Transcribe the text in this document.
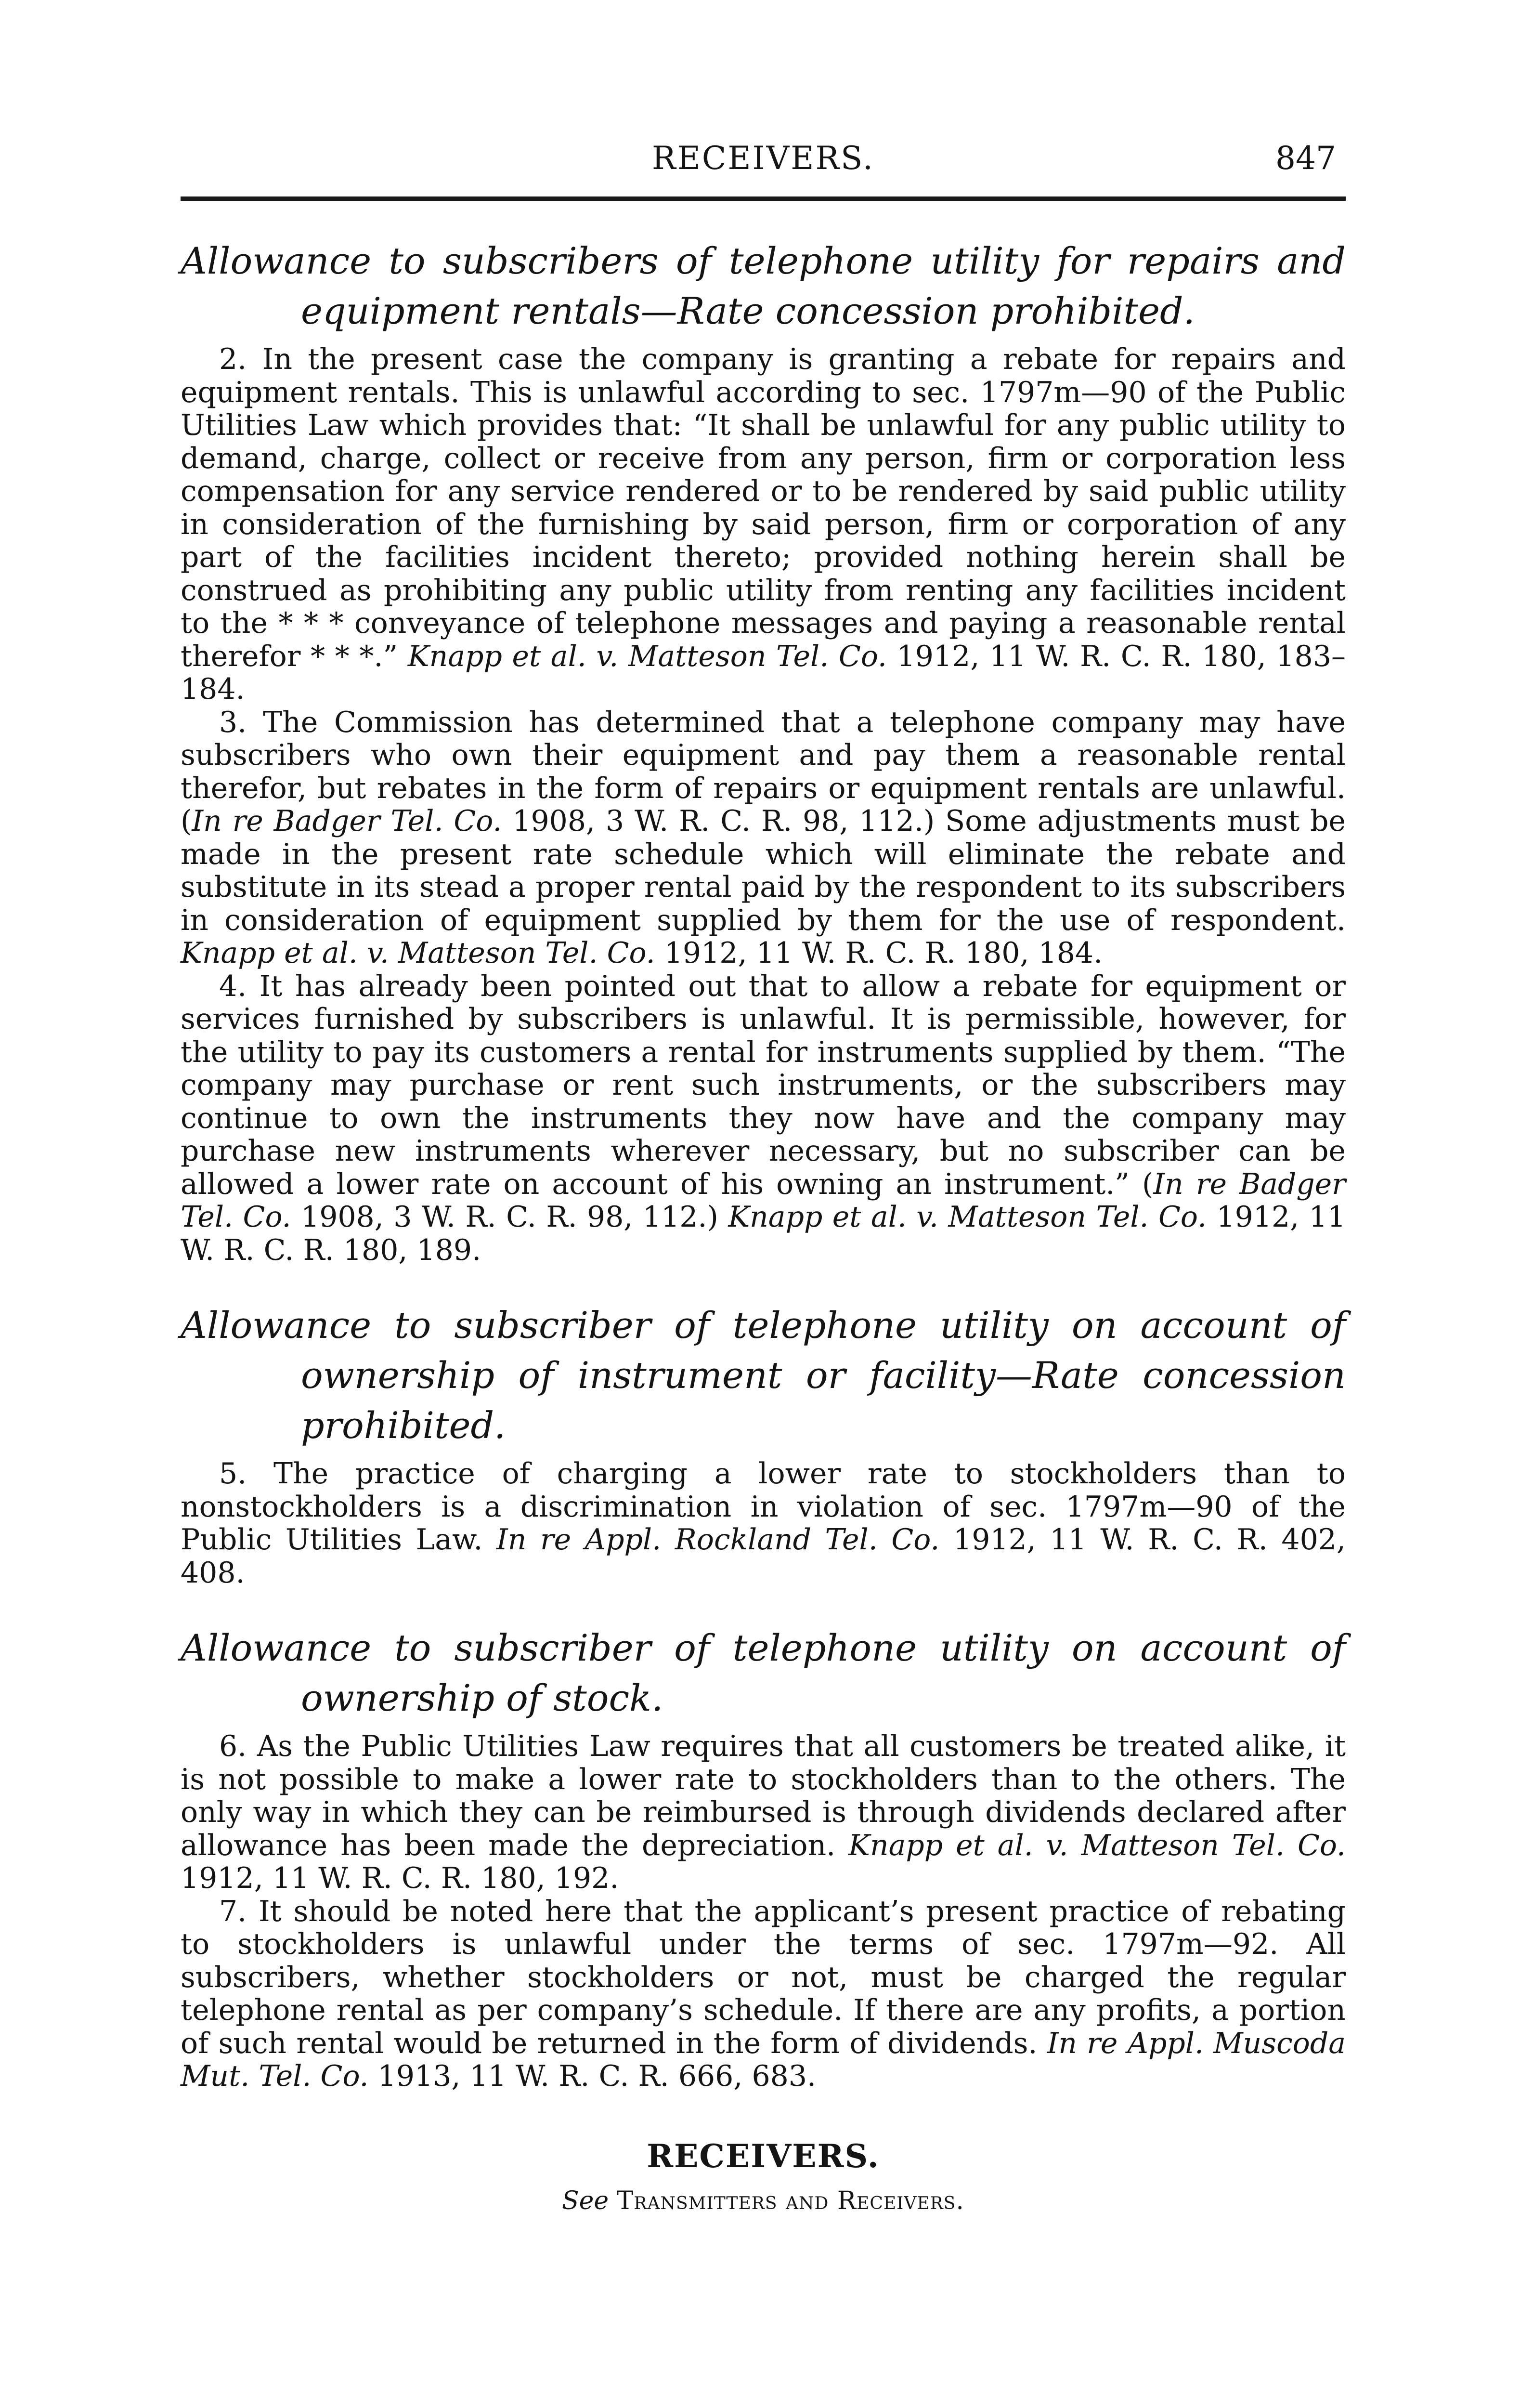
RECEIVERS.	847

Allowance to subscribers of telephone utility for repairs and equipment rentals—Rate concession prohibited.

2. In the present case the company is granting a rebate for repairs and equipment rentals. This is unlawful according to sec. 1797m—90 of the Public Utilities Law which provides that: “It shall be unlawful for any public utility to demand, charge, collect or receive from any person, firm or corporation less compensation for any service rendered or to be rendered by said public utility in consideration of the furnishing by said person, firm or corporation of any part of the facilities incident thereto; provided nothing herein shall be construed as prohibiting any public utility from renting any facilities incident to the * * * conveyance of telephone messages and paying a reasonable rental therefor * * *.” Knapp et al. v. Matteson Tel. Co. 1912, 11 W. R. C. R. 180, 183–184.

3. The Commission has determined that a telephone company may have subscribers who own their equipment and pay them a reasonable rental therefor, but rebates in the form of repairs or equipment rentals are unlawful. (In re Badger Tel. Co. 1908, 3 W. R. C. R. 98, 112.) Some adjustments must be made in the present rate schedule which will eliminate the rebate and substitute in its stead a proper rental paid by the respondent to its subscribers in consideration of equipment supplied by them for the use of respondent. Knapp et al. v. Matteson Tel. Co. 1912, 11 W. R. C. R. 180, 184.

4. It has already been pointed out that to allow a rebate for equipment or services furnished by subscribers is unlawful. It is permissible, however, for the utility to pay its customers a rental for instruments supplied by them. “The company may purchase or rent such instruments, or the subscribers may continue to own the instruments they now have and the company may purchase new instruments wherever necessary, but no subscriber can be allowed a lower rate on account of his owning an instrument.” (In re Badger Tel. Co. 1908, 3 W. R. C. R. 98, 112.) Knapp et al. v. Matteson Tel. Co. 1912, 11 W. R. C. R. 180, 189.

Allowance to subscriber of telephone utility on account of ownership of instrument or facility—Rate concession prohibited.

5. The practice of charging a lower rate to stockholders than to nonstockholders is a discrimination in violation of sec. 1797m—90 of the Public Utilities Law. In re Appl. Rockland Tel. Co. 1912, 11 W. R. C. R. 402, 408.

Allowance to subscriber of telephone utility on account of ownership of stock.

6. As the Public Utilities Law requires that all customers be treated alike, it is not possible to make a lower rate to stockholders than to the others. The only way in which they can be reimbursed is through dividends declared after allowance has been made the depreciation. Knapp et al. v. Matteson Tel. Co. 1912, 11 W. R. C. R. 180, 192.

7. It should be noted here that the applicant’s present practice of rebating to stockholders is unlawful under the terms of sec. 1797m—92. All subscribers, whether stockholders or not, must be charged the regular telephone rental as per company’s schedule. If there are any profits, a portion of such rental would be returned in the form of dividends. In re Appl. Muscoda Mut. Tel. Co. 1913, 11 W. R. C. R. 666, 683.

RECEIVERS.
See Transmitters and Receivers.
